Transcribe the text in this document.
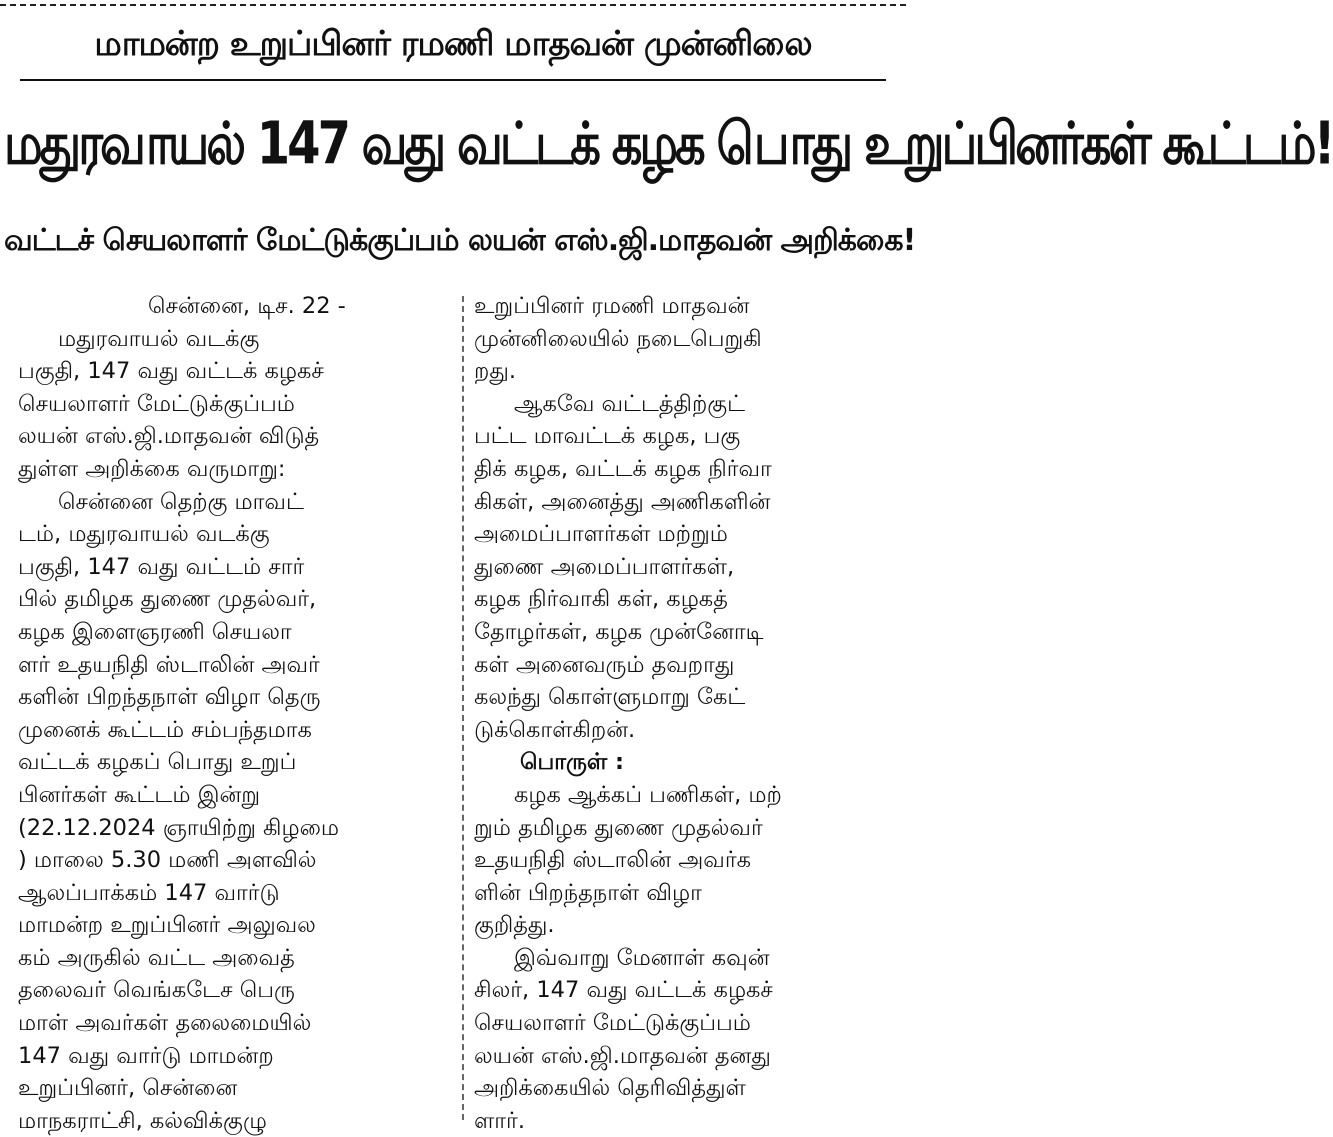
மாமன்ற உறுப்பினர் ரமணி மாதவன் முன்னிலை
மதுரவாயல் 147 வது வட்டக் கழக பொது உறுப்பினர்கள் கூட்டம்!
வட்டச் செயலாளர் மேட்டுக்குப்பம் லயன் எஸ்.ஜி.மாதவன் அறிக்கை!
சென்னை, டிச. 22 -
மதுரவாயல் வடக்கு
பகுதி, 147 வது வட்டக் கழகச்
செயலாளர் மேட்டுக்குப்பம்
லயன் எஸ்.ஜி.மாதவன் விடுத்
துள்ள அறிக்கை வருமாறு:
சென்னை தெற்கு மாவட்
டம், மதுரவாயல் வடக்கு
பகுதி, 147 வது வட்டம் சார்
பில் தமிழக துணை முதல்வர்,
கழக இளைஞரணி செயலா
ளர் உதயநிதி ஸ்டாலின் அவர்
களின் பிறந்தநாள் விழா தெரு
முனைக் கூட்டம் சம்பந்தமாக
வட்டக் கழகப் பொது உறுப்
பினர்கள் கூட்டம் இன்று
(22.12.2024 ஞாயிற்று கிழமை
) மாலை 5.30 மணி அளவில்
ஆலப்பாக்கம் 147 வார்டு
மாமன்ற உறுப்பினர் அலுவல
கம் அருகில் வட்ட அவைத்
தலைவர் வெங்கடேச பெரு
மாள் அவர்கள் தலைமையில்
147 வது வார்டு மாமன்ற
உறுப்பினர், சென்னை
மாநகராட்சி, கல்விக்குழு
உறுப்பினர் ரமணி மாதவன்
முன்னிலையில் நடைபெறுகி
றது.
ஆகவே வட்டத்திற்குட்
பட்ட மாவட்டக் கழக, பகு
திக் கழக, வட்டக் கழக நிர்வா
கிகள், அனைத்து அணிகளின்
அமைப்பாளர்கள் மற்றும்
துணை அமைப்பாளர்கள்,
கழக நிர்வாகி கள், கழகத்
தோழர்கள், கழக முன்னோடி
கள் அனைவரும் தவறாது
கலந்து கொள்ளுமாறு கேட்
டுக்கொள்கிறன்.
பொருள் :
கழக ஆக்கப் பணிகள், மற்
றும் தமிழக துணை முதல்வர்
உதயநிதி ஸ்டாலின் அவர்க
ளின் பிறந்தநாள் விழா
குறித்து.
இவ்வாறு மேனாள் கவுன்
சிலர், 147 வது வட்டக் கழகச்
செயலாளர் மேட்டுக்குப்பம்
லயன் எஸ்.ஜி.மாதவன் தனது
அறிக்கையில் தெரிவித்துள்
ளார்.
